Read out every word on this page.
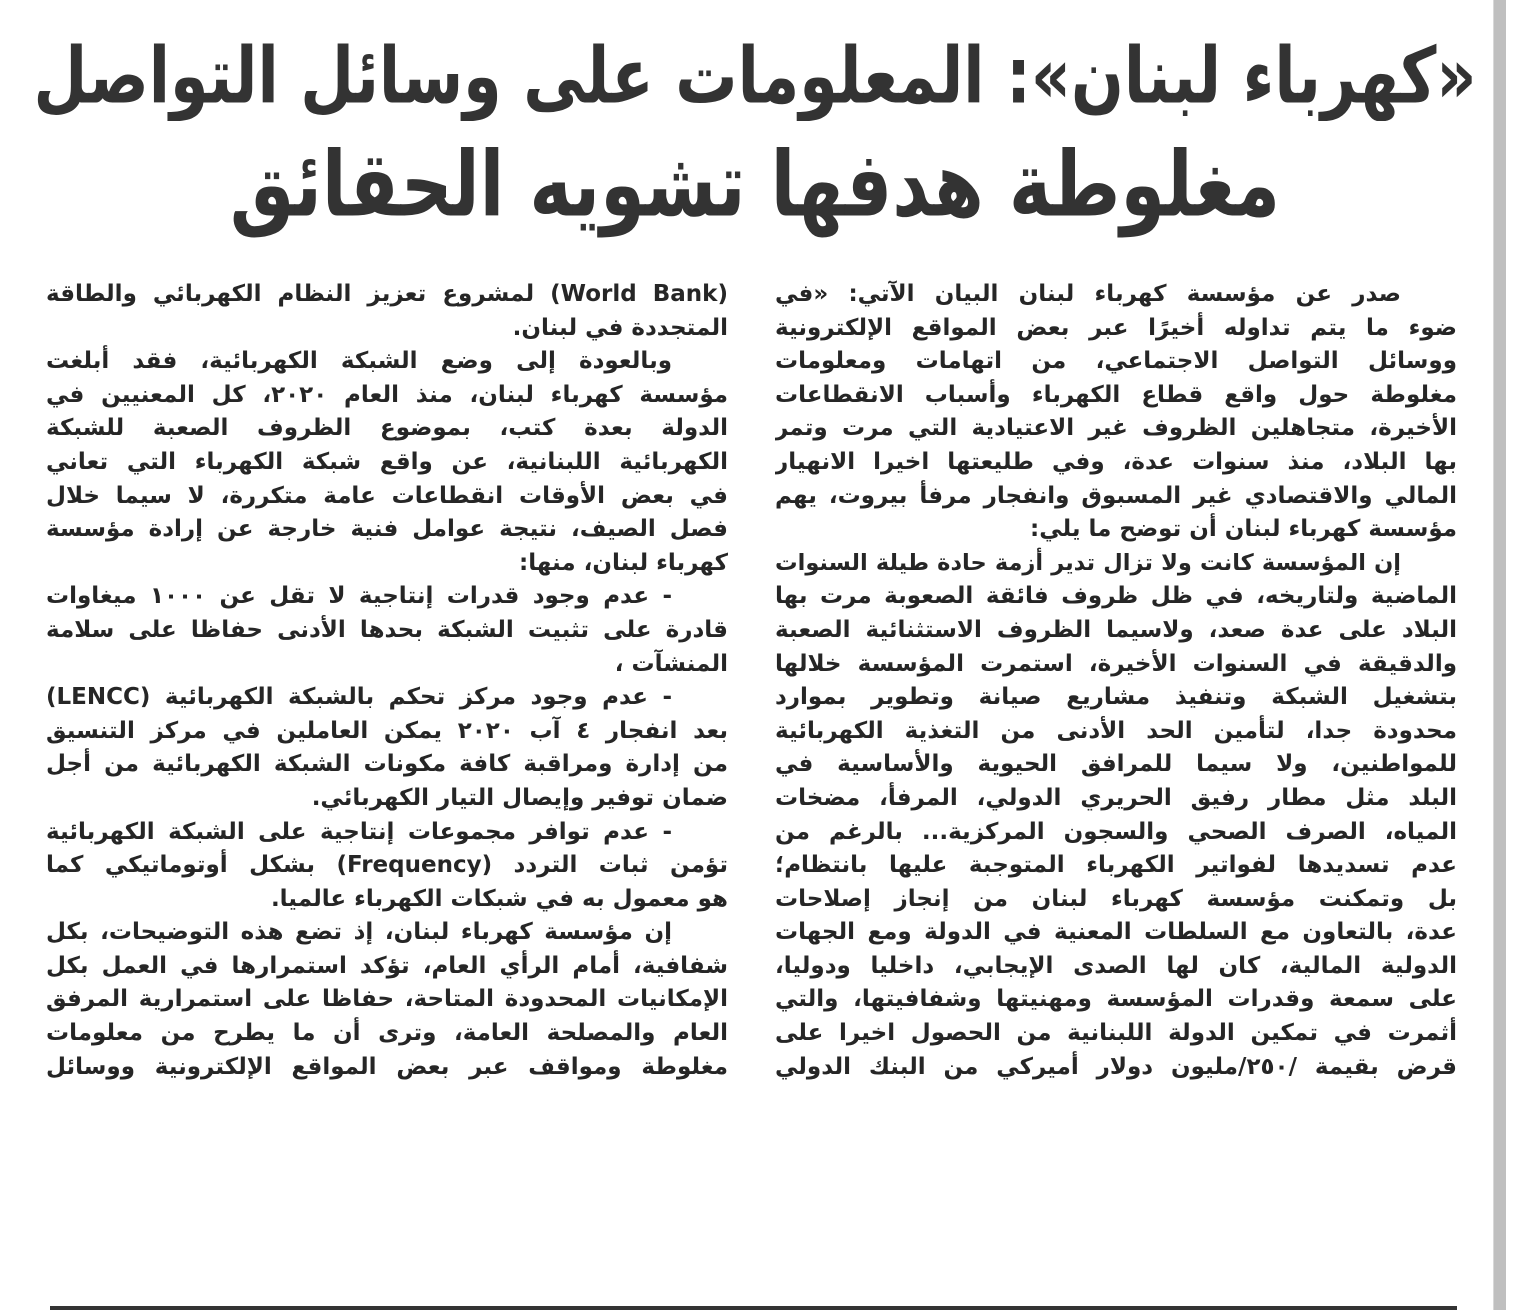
«كهرباء لبنان»: المعلومات على وسائل التواصل
مغلوطة هدفها تشويه الحقائق
صدر عن مؤسسة كهرباء لبنان البيان الآتي: «في
ضوء ما يتم تداوله أخيرًا عبر بعض المواقع الإلكترونية
ووسائل التواصل الاجتماعي، من اتهامات ومعلومات
مغلوطة حول واقع قطاع الكهرباء وأسباب الانقطاعات
الأخيرة، متجاهلين الظروف غير الاعتيادية التي مرت وتمر
بها البلاد، منذ سنوات عدة، وفي طليعتها اخيرا الانهيار
المالي والاقتصادي غير المسبوق وانفجار مرفأ بيروت، يهم
مؤسسة كهرباء لبنان أن توضح ما يلي:
إن المؤسسة كانت ولا تزال تدير أزمة حادة طيلة السنوات
الماضية ولتاريخه، في ظل ظروف فائقة الصعوبة مرت بها
البلاد على عدة صعد، ولاسيما الظروف الاستثنائية الصعبة
والدقيقة في السنوات الأخيرة، استمرت المؤسسة خلالها
بتشغيل الشبكة وتنفيذ مشاريع صيانة وتطوير بموارد
محدودة جدا، لتأمين الحد الأدنى من التغذية الكهربائية
للمواطنين، ولا سيما للمرافق الحيوية والأساسية في
البلد مثل مطار رفيق الحريري الدولي، المرفأ، مضخات
المياه، الصرف الصحي والسجون المركزية... بالرغم من
عدم تسديدها لفواتير الكهرباء المتوجبة عليها بانتظام؛
بل وتمكنت مؤسسة كهرباء لبنان من إنجاز إصلاحات
عدة، بالتعاون مع السلطات المعنية في الدولة ومع الجهات
الدولية المالية، كان لها الصدى الإيجابي، داخليا ودوليا،
على سمعة وقدرات المؤسسة ومهنيتها وشفافيتها، والتي
أثمرت في تمكين الدولة اللبنانية من الحصول اخيرا على
قرض بقيمة /٢٥٠/مليون دولار أميركي من البنك الدولي
(World Bank) لمشروع تعزيز النظام الكهربائي والطاقة
المتجددة في لبنان.
وبالعودة إلى وضع الشبكة الكهربائية، فقد أبلغت
مؤسسة كهرباء لبنان، منذ العام ٢٠٢٠، كل المعنيين في
الدولة بعدة كتب، بموضوع الظروف الصعبة للشبكة
الكهربائية اللبنانية، عن واقع شبكة الكهرباء التي تعاني
في بعض الأوقات انقطاعات عامة متكررة، لا سيما خلال
فصل الصيف، نتيجة عوامل فنية خارجة عن إرادة مؤسسة
كهرباء لبنان، منها:
- عدم وجود قدرات إنتاجية لا تقل عن ١٠٠٠ ميغاوات
قادرة على تثبيت الشبكة بحدها الأدنى حفاظا على سلامة
المنشآت ،
- عدم وجود مركز تحكم بالشبكة الكهربائية (LENCC)
بعد انفجار ٤ آب ٢٠٢٠ يمكن العاملين في مركز التنسيق
من إدارة ومراقبة كافة مكونات الشبكة الكهربائية من أجل
ضمان توفير وإيصال التيار الكهربائي.
- عدم توافر مجموعات إنتاجية على الشبكة الكهربائية
تؤمن ثبات التردد (Frequency) بشكل أوتوماتيكي كما
هو معمول به في شبكات الكهرباء عالميا.
إن مؤسسة كهرباء لبنان، إذ تضع هذه التوضيحات، بكل
شفافية، أمام الرأي العام، تؤكد استمرارها في العمل بكل
الإمكانيات المحدودة المتاحة، حفاظا على استمرارية المرفق
العام والمصلحة العامة، وترى أن ما يطرح من معلومات
مغلوطة ومواقف عبر بعض المواقع الإلكترونية ووسائل
